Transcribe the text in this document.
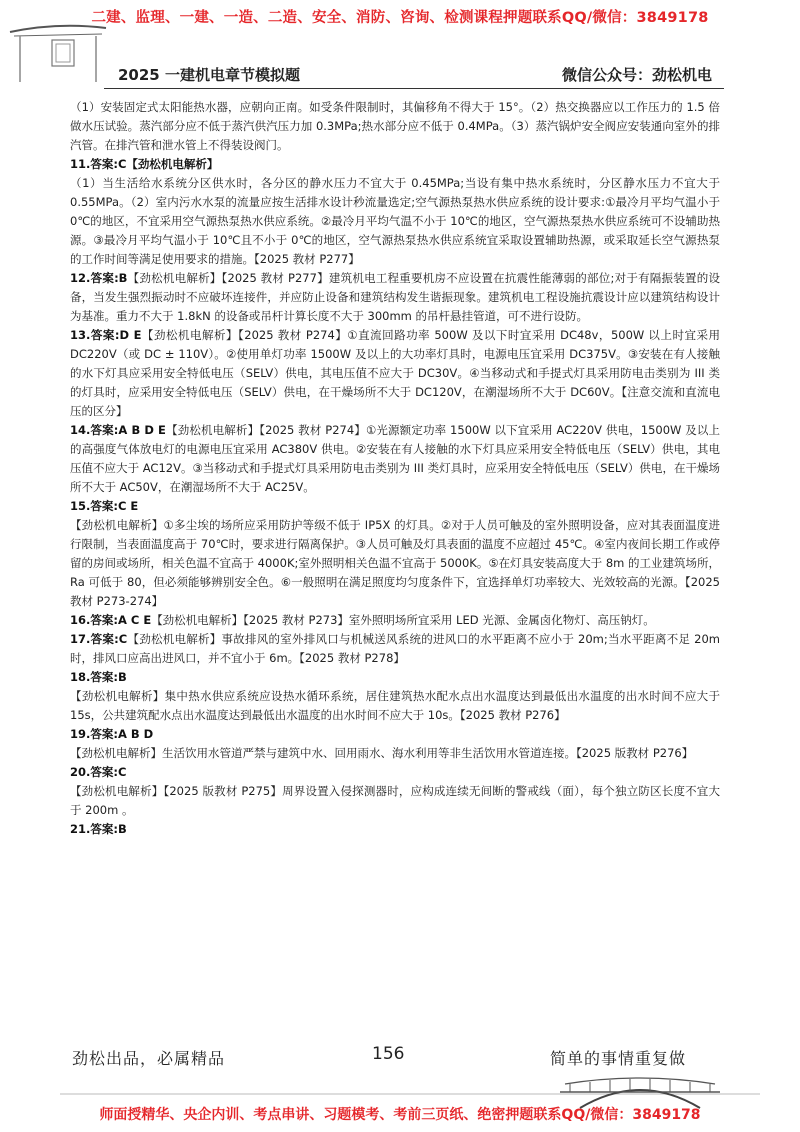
二建、监理、一建、一造、二造、安全、消防、咨询、检测课程押题联系QQ/微信：3849178
2025 一建机电章节模拟题	微信公众号：劲松机电

（1）安装固定式太阳能热水器，应朝向正南。如受条件限制时，其偏移角不得大于 15°。（2）热交换器应以工作压力的 1.5 倍做水压试验。蒸汽部分应不低于蒸汽供汽压力加 0.3MPa;热水部分应不低于 0.4MPa。（3）蒸汽锅炉安全阀应安装通向室外的排汽管。在排汽管和泄水管上不得装设阀门。

11.答案:C【劲松机电解析】

（1）当生活给水系统分区供水时，各分区的静水压力不宜大于 0.45MPa;当设有集中热水系统时，分区静水压力不宜大于 0.55MPa。（2）室内污水水泵的流量应按生活排水设计秒流量选定;空气源热泵热水供应系统的设计要求:①最冷月平均气温小于 0℃的地区，不宜采用空气源热泵热水供应系统。②最冷月平均气温不小于 10℃的地区，空气源热泵热水供应系统可不设辅助热源。③最冷月平均气温小于 10℃且不小于 0℃的地区，空气源热泵热水供应系统宜采取设置辅助热源，或采取延长空气源热泵的工作时间等满足使用要求的措施。【2025 教材 P277】

12.答案:B【劲松机电解析】【2025 教材 P277】建筑机电工程重要机房不应设置在抗震性能薄弱的部位;对于有隔振装置的设备，当发生强烈振动时不应破坏连接件，并应防止设备和建筑结构发生谐振现象。建筑机电工程设施抗震设计应以建筑结构设计为基准。重力不大于 1.8kN 的设备或吊杆计算长度不大于 300mm 的吊杆悬挂管道，可不进行设防。

13.答案:D E【劲松机电解析】【2025 教材 P274】①直流回路功率 500W 及以下时宜采用 DC48v，500W 以上时宜采用 DC220V（或 DC ± 110V）。②使用单灯功率 1500W 及以上的大功率灯具时，电源电压宜采用 DC375V。③安装在有人接触的水下灯具应采用安全特低电压（SELV）供电，其电压值不应大于 DC30V。④当移动式和手提式灯具采用防电击类别为 III 类的灯具时，应采用安全特低电压（SELV）供电，在干燥场所不大于 DC120V，在潮湿场所不大于 DC60V。【注意交流和直流电压的区分】

14.答案:A B D E【劲松机电解析】【2025 教材 P274】①光源额定功率 1500W 以下宜采用 AC220V 供电，1500W 及以上的高强度气体放电灯的电源电压宜采用 AC380V 供电。②安装在有人接触的水下灯具应采用安全特低电压（SELV）供电，其电压值不应大于 AC12V。③当移动式和手提式灯具采用防电击类别为 III 类灯具时，应采用安全特低电压（SELV）供电，在干燥场所不大于 AC50V，在潮湿场所不大于 AC25V。

15.答案:C E

【劲松机电解析】①多尘埃的场所应采用防护等级不低于 IP5X 的灯具。②对于人员可触及的室外照明设备，应对其表面温度进行限制，当表面温度高于 70℃时，要求进行隔离保护。③人员可触及灯具表面的温度不应超过 45℃。④室内夜间长期工作或停留的房间或场所，相关色温不宜高于 4000K;室外照明相关色温不宜高于 5000K。⑤在灯具安装高度大于 8m 的工业建筑场所，Ra 可低于 80，但必须能够辨别安全色。⑥一般照明在满足照度均匀度条件下，宜选择单灯功率较大、光效较高的光源。【2025 教材 P273-274】

16.答案:A C E【劲松机电解析】【2025 教材 P273】室外照明场所宜采用 LED 光源、金属卤化物灯、高压钠灯。

17.答案:C【劲松机电解析】事故排风的室外排风口与机械送风系统的进风口的水平距离不应小于 20m;当水平距离不足 20m 时，排风口应高出进风口，并不宜小于 6m。【2025 教材 P278】

18.答案:B

【劲松机电解析】集中热水供应系统应设热水循环系统，居住建筑热水配水点出水温度达到最低出水温度的出水时间不应大于 15s，公共建筑配水点出水温度达到最低出水温度的出水时间不应大于 10s。【2025 教材 P276】

19.答案:A B D

【劲松机电解析】生活饮用水管道严禁与建筑中水、回用雨水、海水利用等非生活饮用水管道连接。【2025 版教材 P276】

20.答案:C

【劲松机电解析】【2025 版教材 P275】周界设置入侵探测器时，应构成连续无间断的警戒线（面），每个独立防区长度不宜大于 200m 。

21.答案:B

劲松出品，必属精品	156	简单的事情重复做
师面授精华、央企内训、考点串讲、习题模考、考前三页纸、绝密押题联系QQ/微信：3849178
